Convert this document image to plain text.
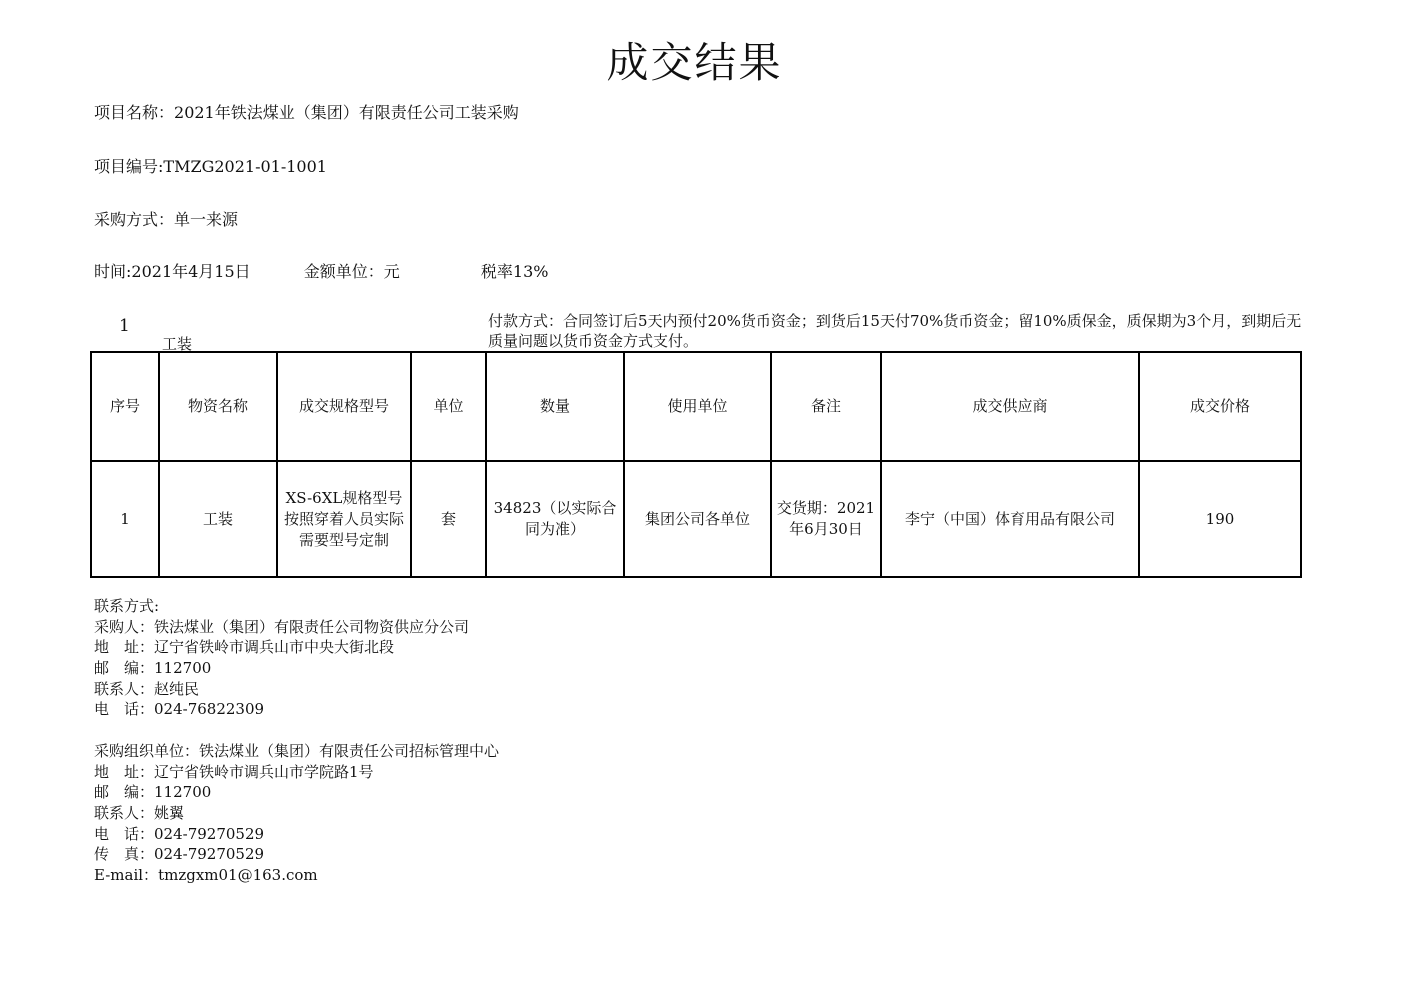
成交结果
项目名称：2021年铁法煤业（集团）有限责任公司工装采购
项目编号:TMZG2021-01-1001
采购方式：单一来源
时间:2021年4月15日	金额单位：元	税率13%
1
工装
付款方式：合同签订后5天内预付20%货币资金；到货后15天付70%货币资金；留10%质保金，质保期为3个月，到期后无质量问题以货币资金方式支付。
序号	物资名称	成交规格型号	单位	数量	使用单位	备注	成交供应商	成交价格
1	工装	XS-6XL规格型号按照穿着人员实际需要型号定制	套	34823（以实际合同为准）	集团公司各单位	交货期：2021年6月30日	李宁（中国）体育用品有限公司	190
联系方式:
采购人：铁法煤业（集团）有限责任公司物资供应分公司
地　址：辽宁省铁岭市调兵山市中央大街北段
邮　编：112700
联系人：赵纯民
电　话：024-76822309
采购组织单位：铁法煤业（集团）有限责任公司招标管理中心
地　址：辽宁省铁岭市调兵山市学院路1号
邮　编：112700
联系人：姚翼
电　话：024-79270529
传　真：024-79270529
E-mail：tmzgxm01@163.com
